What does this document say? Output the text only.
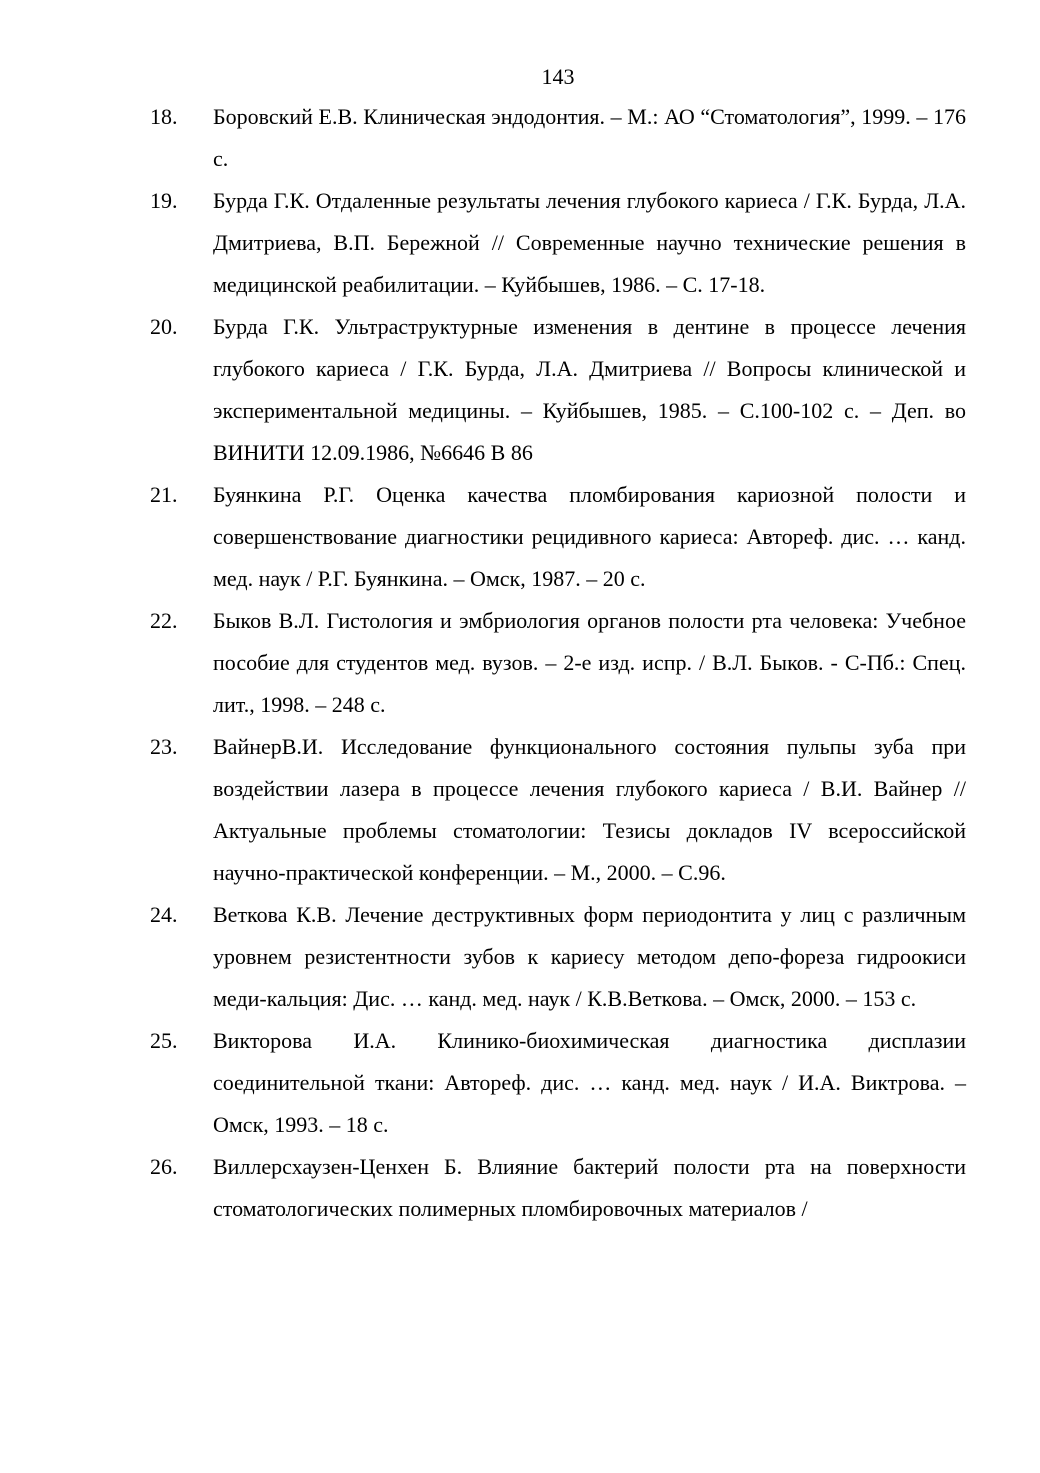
143
18. Боровский Е.В. Клиническая эндодонтия. – М.: АО “Стоматология”, 1999. – 176 с.
19. Бурда Г.К. Отдаленные результаты лечения глубокого кариеса / Г.К. Бурда, Л.А. Дмитриева, В.П. Бережной // Современные научно технические решения в медицинской реабилитации. – Куйбышев, 1986. – С. 17-18.
20. Бурда Г.К. Ультраструктурные изменения в дентине в процессе лечения глубокого кариеса / Г.К. Бурда, Л.А. Дмитриева // Вопросы клинической и экспериментальной медицины. – Куйбышев, 1985. – С.100-102 с. – Деп. во ВИНИТИ 12.09.1986, №6646 В 86
21. Буянкина Р.Г. Оценка качества пломбирования кариозной полости и совершенствование диагностики рецидивного кариеса: Автореф. дис. … канд. мед. наук / Р.Г. Буянкина. – Омск, 1987. – 20 с.
22. Быков В.Л. Гистология и эмбриология органов полости рта человека: Учебное пособие для студентов мед. вузов. – 2-е изд. испр. / В.Л. Быков. - С-Пб.: Спец. лит., 1998. – 248 с.
23. ВайнерВ.И. Исследование функционального состояния пульпы зуба при воздействии лазера в процессе лечения глубокого кариеса / В.И. Вайнер // Актуальные проблемы стоматологии: Тезисы докладов IV всероссийской научно-практической конференции. – М., 2000. – С.96.
24. Веткова К.В. Лечение деструктивных форм периодонтита у лиц с различным уровнем резистентности зубов к кариесу методом депо-фореза гидроокиси меди-кальция: Дис. … канд. мед. наук / К.В.Веткова. – Омск, 2000. – 153 с.
25. Викторова И.А. Клинико-биохимическая диагностика дисплазии соединительной ткани: Автореф. дис. … канд. мед. наук / И.А. Виктрова. – Омск, 1993. – 18 с.
26. Виллерсхаузен-Ценхен Б. Влияние бактерий полости рта на поверхности стоматологических полимерных пломбировочных материалов /
